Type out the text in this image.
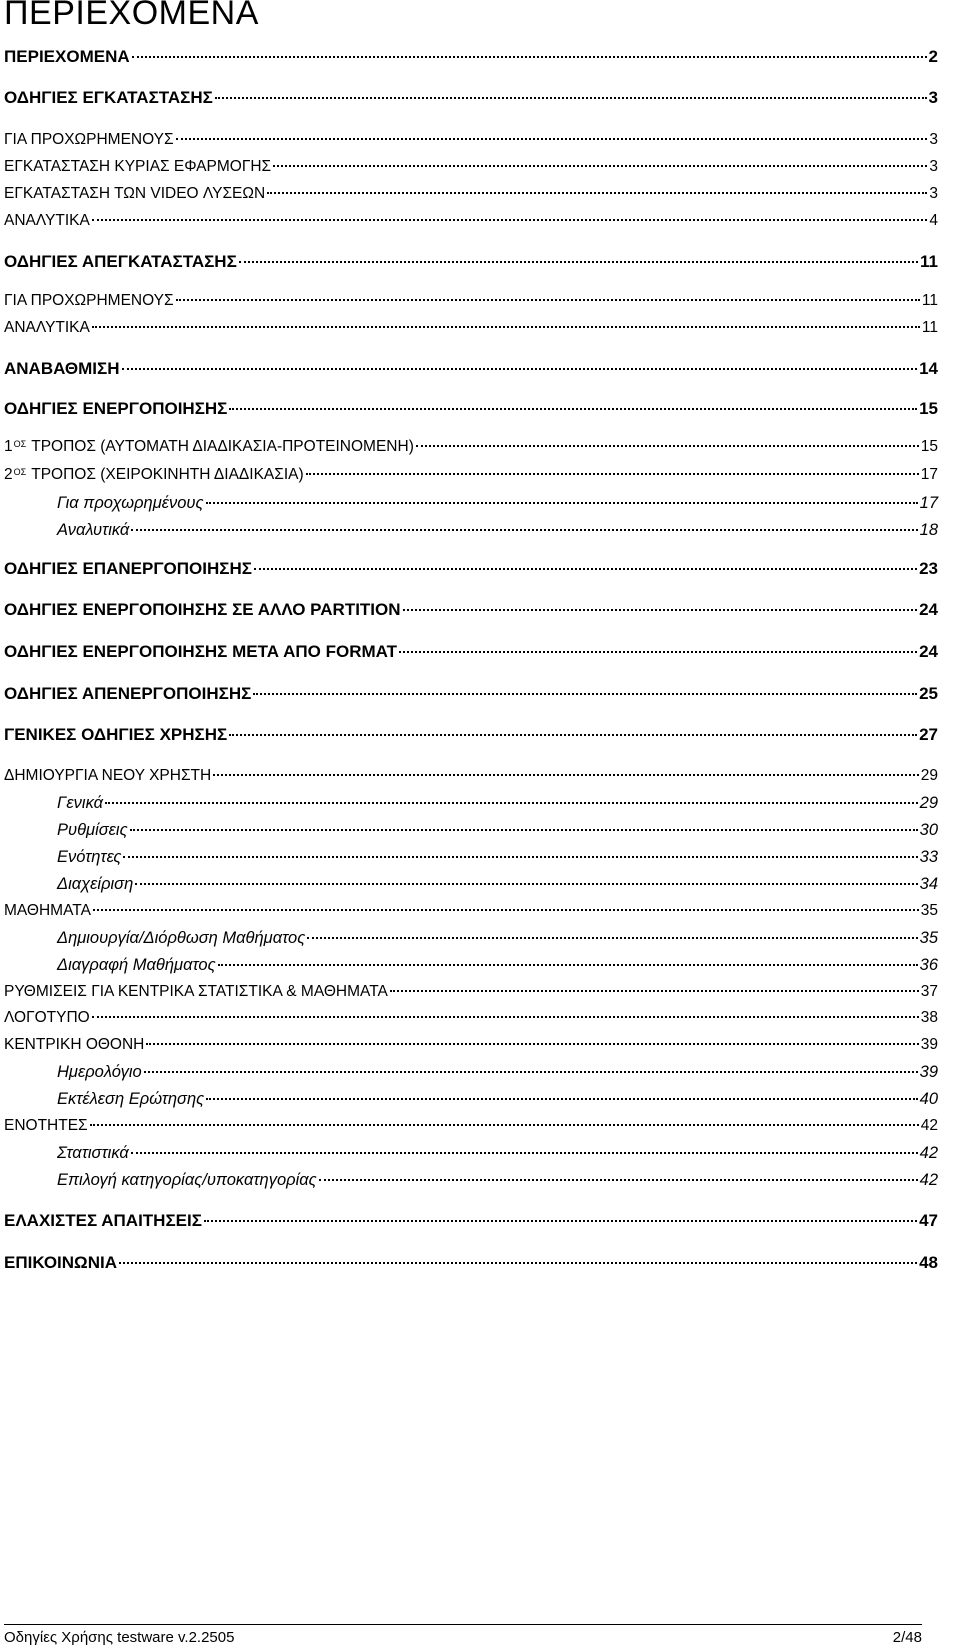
ΠΕΡΙΕΧΟΜΕΝΑ
ΠΕΡΙΕΧΟΜΕΝΑ	2
ΟΔΗΓΙΕΣ ΕΓΚΑΤΑΣΤΑΣΗΣ	3
ΓΙΑ ΠΡΟΧΩΡΗΜΕΝΟΥΣ	3
ΕΓΚΑΤΑΣΤΑΣΗ ΚΥΡΙΑΣ ΕΦΑΡΜΟΓΗΣ	3
ΕΓΚΑΤΑΣΤΑΣΗ ΤΩΝ VIDEO ΛΥΣΕΩΝ	3
ΑΝΑΛΥΤΙΚΑ	4
ΟΔΗΓΙΕΣ ΑΠΕΓΚΑΤΑΣΤΑΣΗΣ	11
ΓΙΑ ΠΡΟΧΩΡΗΜΕΝΟΥΣ	11
ΑΝΑΛΥΤΙΚΑ	11
ΑΝΑΒΑΘΜΙΣΗ	14
ΟΔΗΓΙΕΣ ΕΝΕΡΓΟΠΟΙΗΣΗΣ	15
$1^{O\Sigma}$ ΤΡΟΠΟΣ (ΑΥΤΟΜΑΤΗ ΔΙΑΔΙΚΑΣΙΑ-ΠΡΟΤΕΙΝΟΜΕΝΗ)	15
$2^{O\Sigma}$ ΤΡΟΠΟΣ (ΧΕΙΡΟΚΙΝΗΤΗ ΔΙΑΔΙΚΑΣΙΑ)	17
Για προχωρημένους	17
Αναλυτικά	18
ΟΔΗΓΙΕΣ ΕΠΑΝΕΡΓΟΠΟΙΗΣΗΣ	23
ΟΔΗΓΙΕΣ ΕΝΕΡΓΟΠΟΙΗΣΗΣ ΣΕ ΑΛΛΟ PARTITION	24
ΟΔΗΓΙΕΣ ΕΝΕΡΓΟΠΟΙΗΣΗΣ ΜΕΤΑ ΑΠΟ FORMAT	24
ΟΔΗΓΙΕΣ ΑΠΕΝΕΡΓΟΠΟΙΗΣΗΣ	25
ΓΕΝΙΚΕΣ ΟΔΗΓΙΕΣ ΧΡΗΣΗΣ	27
ΔΗΜΙΟΥΡΓΙΑ ΝΕΟΥ ΧΡΗΣΤΗ	29
Γενικά	29
Ρυθμίσεις	30
Ενότητες	33
Διαχείριση	34
ΜΑΘΗΜΑΤΑ	35
Δημιουργία/Διόρθωση Μαθήματος	35
Διαγραφή Μαθήματος	36
ΡΥΘΜΙΣΕΙΣ ΓΙΑ ΚΕΝΤΡΙΚΑ ΣΤΑΤΙΣΤΙΚΑ & ΜΑΘΗΜΑΤΑ	37
ΛΟΓΟΤΥΠΟ	38
ΚΕΝΤΡΙΚΗ ΟΘΟΝΗ	39
Ημερολόγιο	39
Εκτέλεση Ερώτησης	40
ΕΝΟΤΗΤΕΣ	42
Στατιστικά	42
Επιλογή κατηγορίας/υποκατηγορίας	42
ΕΛΑΧΙΣΤΕΣ ΑΠΑΙΤΗΣΕΙΣ	47
ΕΠΙΚΟΙΝΩΝΙΑ	48
Οδηγίες Χρήσης testware v.2.2505	2/48
